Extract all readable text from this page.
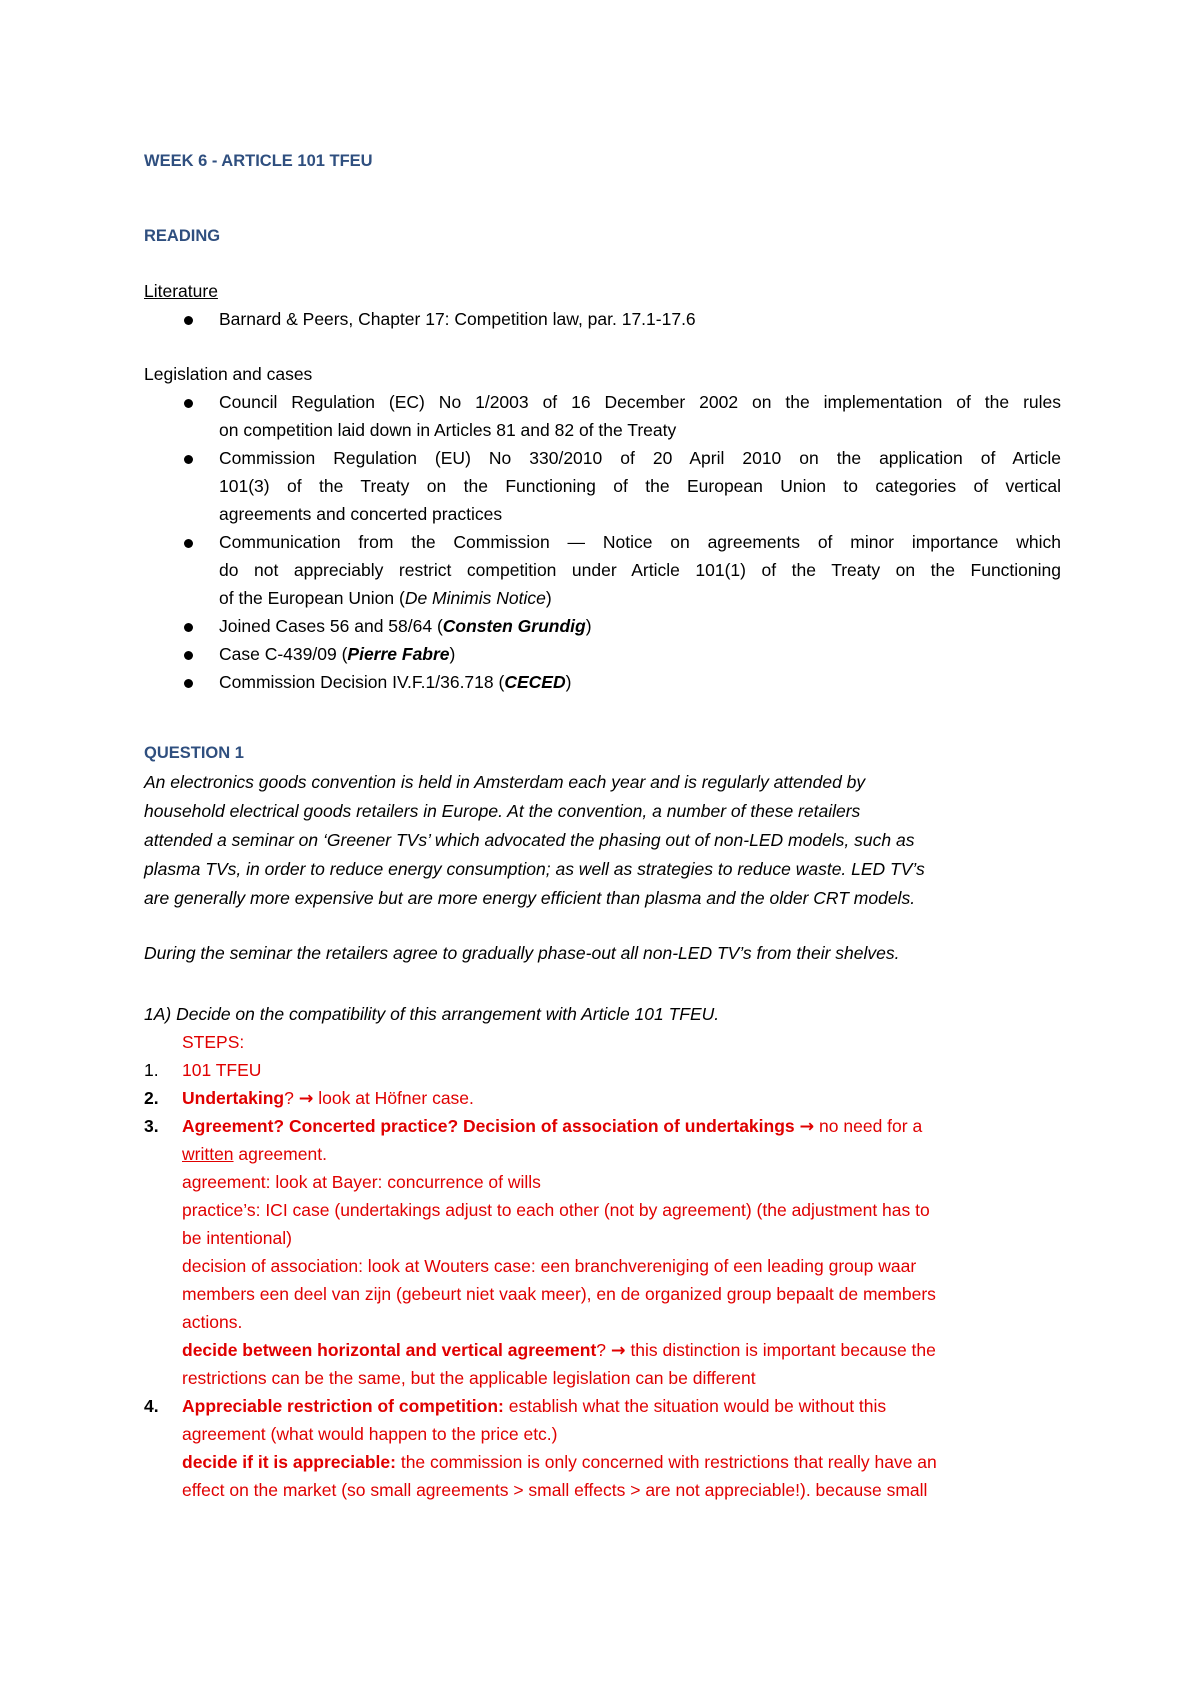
WEEK 6 - ARTICLE 101 TFEU
READING
Literature
Barnard & Peers, Chapter 17: Competition law, par. 17.1-17.6
Legislation and cases
Council Regulation (EC) No 1/2003 of 16 December 2002 on the implementation of the rules
on competition laid down in Articles 81 and 82 of the Treaty
Commission Regulation (EU) No 330/2010 of 20 April 2010 on the application of Article
101(3) of the Treaty on the Functioning of the European Union to categories of vertical
agreements and concerted practices
Communication from the Commission — Notice on agreements of minor importance which
do not appreciably restrict competition under Article 101(1) of the Treaty on the Functioning
of the European Union (De Minimis Notice)
Joined Cases 56 and 58/64 (Consten Grundig)
Case C-439/09 (Pierre Fabre)
Commission Decision IV.F.1/36.718 (CECED)
QUESTION 1
An electronics goods convention is held in Amsterdam each year and is regularly attended by
household electrical goods retailers in Europe. At the convention, a number of these retailers
attended a seminar on ‘Greener TVs’ which advocated the phasing out of non-LED models, such as
plasma TVs, in order to reduce energy consumption; as well as strategies to reduce waste. LED TV’s
are generally more expensive but are more energy efficient than plasma and the older CRT models.
During the seminar the retailers agree to gradually phase-out all non-LED TV’s from their shelves.
1A) Decide on the compatibility of this arrangement with Article 101 TFEU.
STEPS:
1. 101 TFEU
2. Undertaking? → look at Höfner case.
3. Agreement? Concerted practice? Decision of association of undertakings → no need for a
written agreement.
agreement: look at Bayer: concurrence of wills
practice’s: ICI case (undertakings adjust to each other (not by agreement) (the adjustment has to
be intentional)
decision of association: look at Wouters case: een branchvereniging of een leading group waar
members een deel van zijn (gebeurt niet vaak meer), en de organized group bepaalt de members
actions.
decide between horizontal and vertical agreement? → this distinction is important because the
restrictions can be the same, but the applicable legislation can be different
4. Appreciable restriction of competition: establish what the situation would be without this
agreement (what would happen to the price etc.)
decide if it is appreciable: the commission is only concerned with restrictions that really have an
effect on the market (so small agreements > small effects > are not appreciable!). because small
